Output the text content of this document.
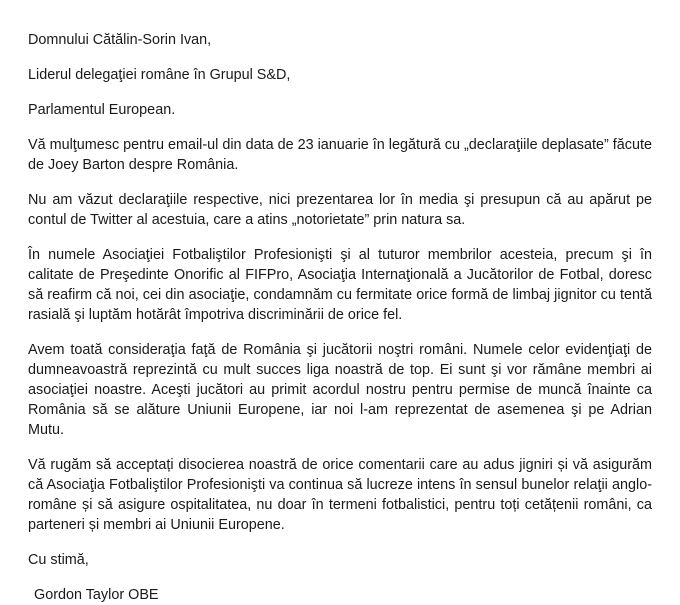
Domnului Cătălin-Sorin Ivan,

Liderul delegaţiei române în Grupul S&D,

Parlamentul European.

Vă mulţumesc pentru email-ul din data de 23 ianuarie în legătură cu „declaraţiile deplasate” făcute de Joey Barton despre România.

Nu am văzut declaraţiile respective, nici prezentarea lor în media şi presupun că au apărut pe contul de Twitter al acestuia, care a atins „notorietate” prin natura sa.

În numele Asociaţiei Fotbaliştilor Profesionişti şi al tuturor membrilor acesteia, precum şi în calitate de Preşedinte Onorific al FIFPro, Asociaţia Internaţională a Jucătorilor de Fotbal, doresc să reafirm că noi, cei din asociaţie, condamnăm cu fermitate orice formă de limbaj jignitor cu tentă rasială şi luptăm hotărât împotriva discriminării de orice fel.

Avem toată consideraţia faţă de România şi jucătorii noştri români. Numele celor evidenţiaţi de dumneavoastră reprezintă cu mult succes liga noastră de top. Ei sunt şi vor rămâne membri ai asociaţiei noastre. Aceşti jucători au primit acordul nostru pentru permise de muncă înainte ca România să se alăture Uniunii Europene, iar noi l-am reprezentat de asemenea şi pe Adrian Mutu.

Vă rugăm să acceptați disocierea noastră de orice comentarii care au adus jigniri și vă asigurăm că Asociaţia Fotbaliştilor Profesionişti va continua să lucreze intens în sensul bunelor relaţii anglo-române și să asigure ospitalitatea, nu doar în termeni fotbalistici, pentru toți cetățenii români, ca parteneri și membri ai Uniunii Europene.

Cu stimă,

Gordon Taylor OBE
